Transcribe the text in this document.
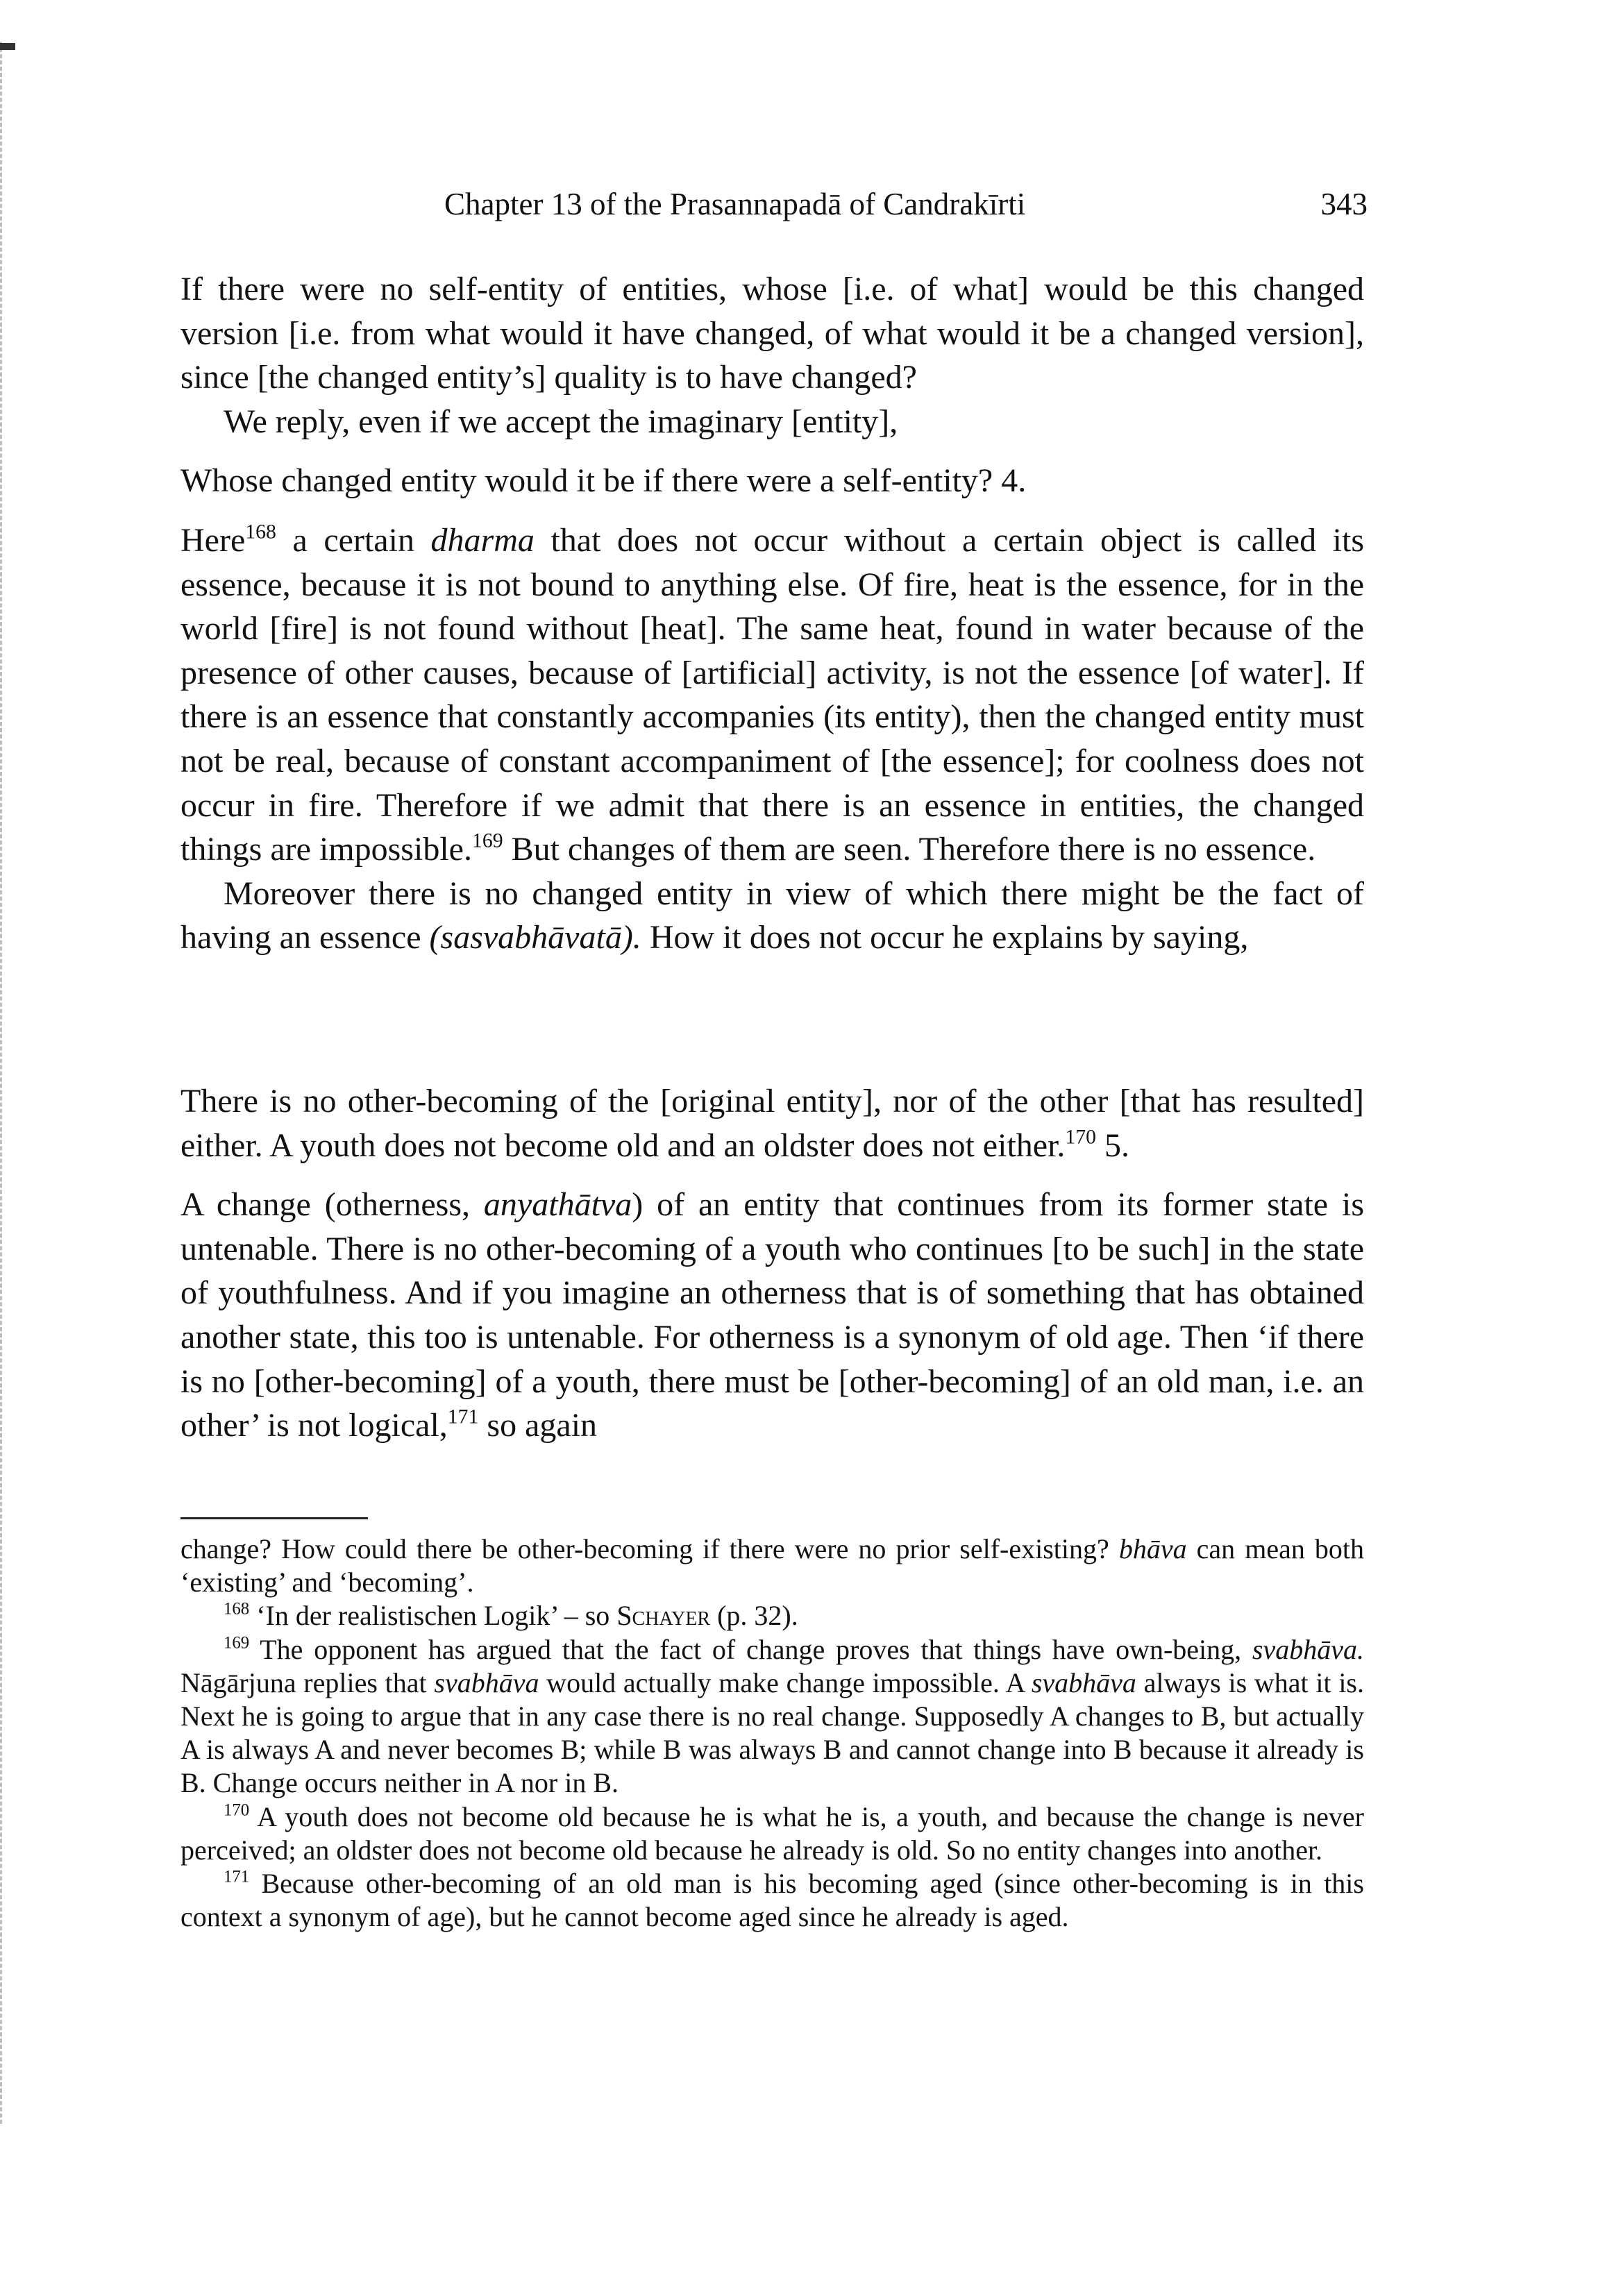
Chapter 13 of the Prasannapadā of Candrakīrti	343

If there were no self-entity of entities, whose [i.e. of what] would be this changed version [i.e. from what would it have changed, of what would it be a changed version], since [the changed entity’s] quality is to have changed?

We reply, even if we accept the imaginary [entity],

Whose changed entity would it be if there were a self-entity? 4.

Here$^{168}$ a certain dharma that does not occur without a certain object is called its essence, because it is not bound to anything else. Of fire, heat is the essence, for in the world [fire] is not found without [heat]. The same heat, found in water because of the presence of other causes, because of [artificial] activity, is not the essence [of water]. If there is an essence that constantly accompanies (its entity), then the changed entity must not be real, because of constant accompaniment of [the essence]; for coolness does not occur in fire. Therefore if we admit that there is an essence in entities, the changed things are impossible.$^{169}$ But changes of them are seen. Therefore there is no essence.

Moreover there is no changed entity in view of which there might be the fact of having an essence (sasvabhāvatā). How it does not occur he explains by saying,

There is no other-becoming of the [original entity], nor of the other [that has resulted] either. A youth does not become old and an oldster does not either.$^{170}$ 5.

A change (otherness, anyathātva) of an entity that continues from its former state is untenable. There is no other-becoming of a youth who continues [to be such] in the state of youthfulness. And if you imagine an otherness that is of something that has obtained another state, this too is untenable. For otherness is a synonym of old age. Then ‘if there is no [other-becoming] of a youth, there must be [other-becoming] of an old man, i.e. an other’ is not logical,$^{171}$ so again

change? How could there be other-becoming if there were no prior self-existing? bhāva can mean both ‘existing’ and ‘becoming’.

$^{168}$ ‘In der realistischen Logik’ – so Schayer (p. 32).

$^{169}$ The opponent has argued that the fact of change proves that things have own-being, svabhāva. Nāgārjuna replies that svabhāva would actually make change impossible. A svabhāva always is what it is. Next he is going to argue that in any case there is no real change. Supposedly A changes to B, but actually A is always A and never becomes B; while B was always B and cannot change into B because it already is B. Change occurs neither in A nor in B.

$^{170}$ A youth does not become old because he is what he is, a youth, and because the change is never perceived; an oldster does not become old because he already is old. So no entity changes into another.

$^{171}$ Because other-becoming of an old man is his becoming aged (since other-becoming is in this context a synonym of age), but he cannot become aged since he already is aged.
